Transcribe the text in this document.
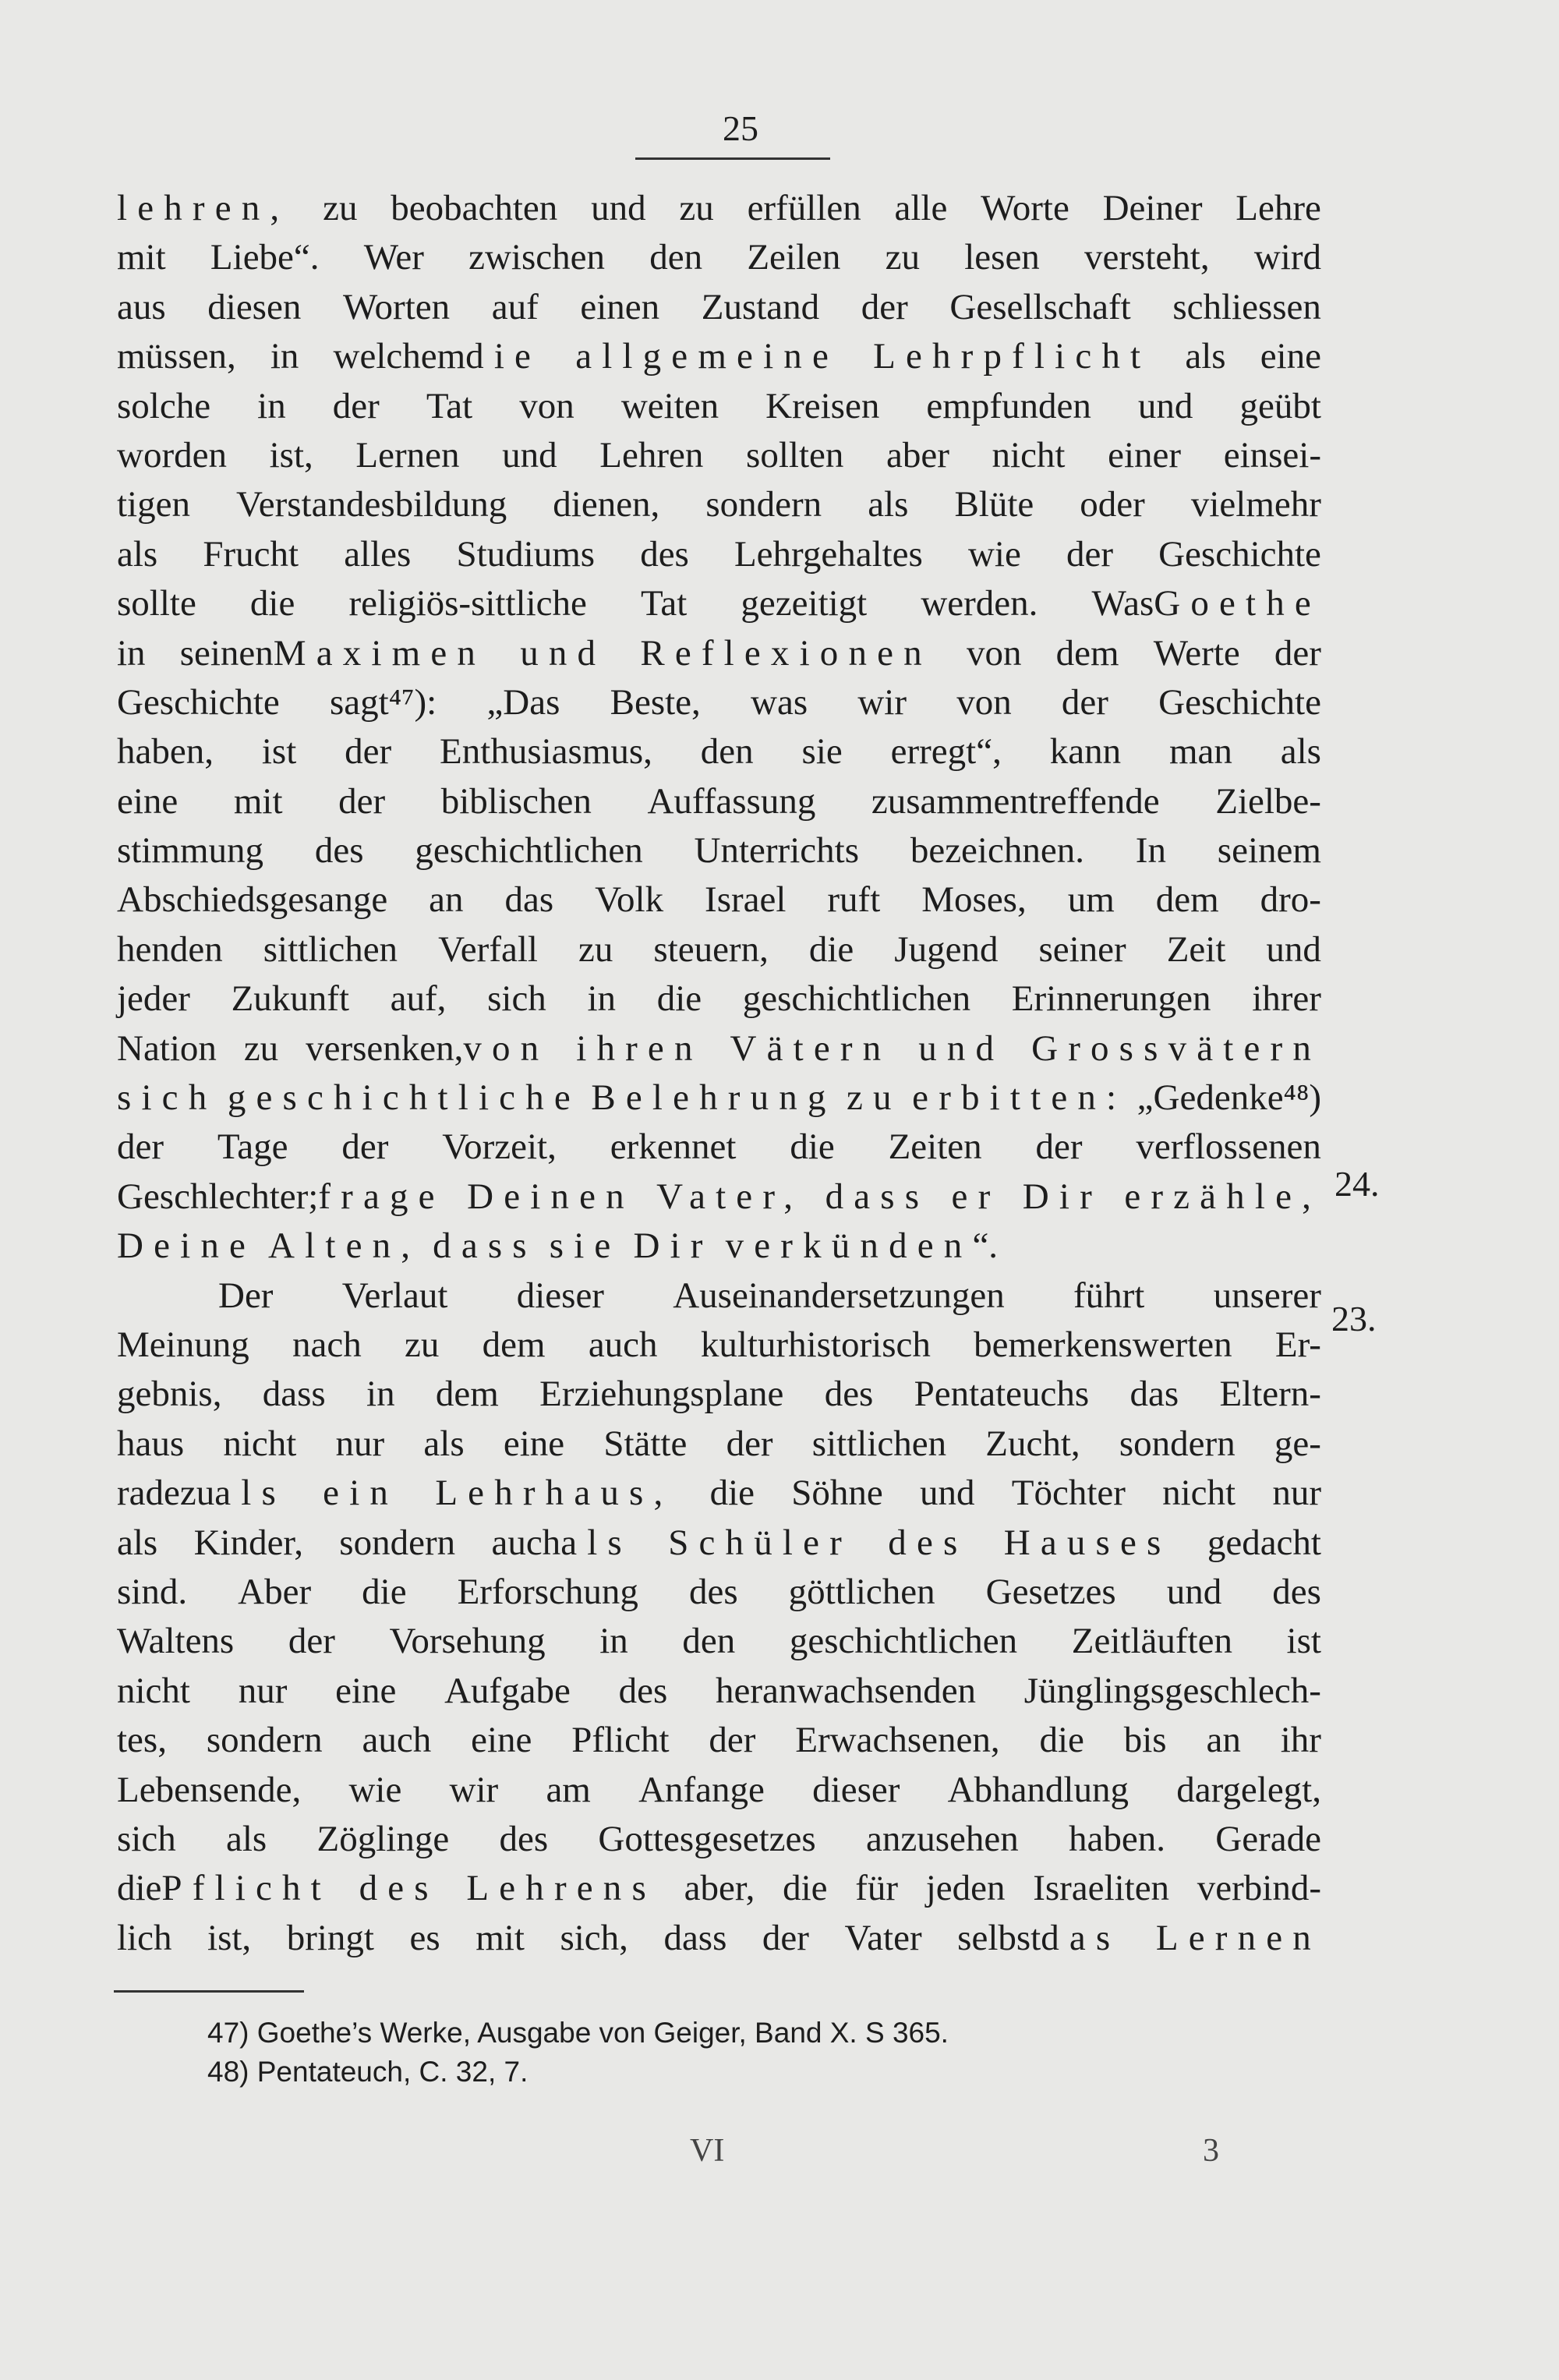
25
lehren, zu beobachten und zu erfüllen alle Worte Deiner Lehre
mit Liebe“. Wer zwischen den Zeilen zu lesen versteht, wird
aus diesen Worten auf einen Zustand der Gesellschaft schliessen
müssen, in welchemdie allgemeine Lehrpflicht als eine
solche in der Tat von weiten Kreisen empfunden und geübt
worden ist, Lernen und Lehren sollten aber nicht einer einsei-
tigen Verstandesbildung dienen, sondern als Blüte oder vielmehr
als Frucht alles Studiums des Lehrgehaltes wie der Geschichte
sollte die religiös-sittliche Tat gezeitigt werden. WasGoethe
in seinenMaximen und Reflexionen von dem Werte der
Geschichte sagt⁴⁷): „Das Beste, was wir von der Geschichte
haben, ist der Enthusiasmus, den sie erregt“, kann man als
eine mit der biblischen Auffassung zusammentreffende Zielbe-
stimmung des geschichtlichen Unterrichts bezeichnen. In seinem
Abschiedsgesange an das Volk Israel ruft Moses, um dem dro-
henden sittlichen Verfall zu steuern, die Jugend seiner Zeit und
jeder Zukunft auf, sich in die geschichtlichen Erinnerungen ihrer
Nation zu versenken,von ihren Vätern und Grossvätern
sich geschichtliche Belehrung zu erbitten: „Gedenke⁴⁸)
der Tage der Vorzeit, erkennet die Zeiten der verflossenen
Geschlechter;frage Deinen Vater, dass er Dir erzähle,
Deine Alten, dass sie Dir verkünden“.
Der Verlaut dieser Auseinandersetzungen führt unserer
Meinung nach zu dem auch kulturhistorisch bemerkenswerten Er-
gebnis, dass in dem Erziehungsplane des Pentateuchs das Eltern-
haus nicht nur als eine Stätte der sittlichen Zucht, sondern ge-
radezuals ein Lehrhaus, die Söhne und Töchter nicht nur
als Kinder, sondern auchals Schüler des Hauses gedacht
sind. Aber die Erforschung des göttlichen Gesetzes und des
Waltens der Vorsehung in den geschichtlichen Zeitläuften ist
nicht nur eine Aufgabe des heranwachsenden Jünglingsgeschlech-
tes, sondern auch eine Pflicht der Erwachsenen, die bis an ihr
Lebensende, wie wir am Anfange dieser Abhandlung dargelegt,
sich als Zöglinge des Gottesgesetzes anzusehen haben. Gerade
diePflicht des Lehrens aber, die für jeden Israeliten verbind-
lich ist, bringt es mit sich, dass der Vater selbstdas Lernen
24.
23.
47) Goethe’s Werke, Ausgabe von Geiger, Band X. S 365.
48) Pentateuch, C. 32, 7.
VI	3
